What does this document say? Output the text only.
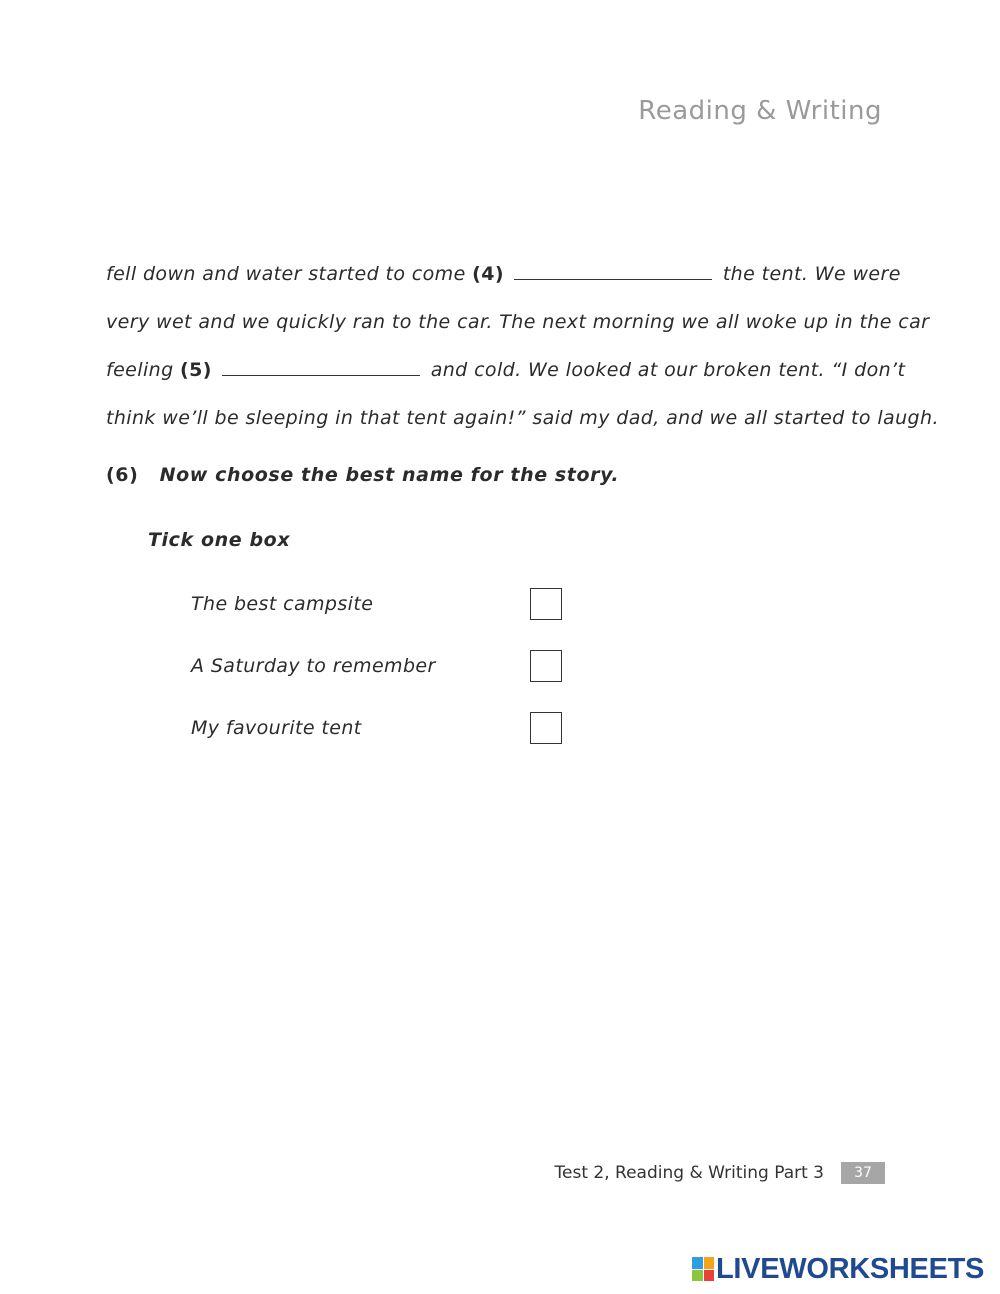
Reading & Writing
fell down and water started to come (4)	the tent. We were
very wet and we quickly ran to the car. The next morning we all woke up in the car
feeling (5)	and cold. We looked at our broken tent. “I don’t
think we’ll be sleeping in that tent again!” said my dad, and we all started to laugh.
(6) Now choose the best name for the story.
Tick one box
The best campsite
A Saturday to remember
My favourite tent
Test 2, Reading & Writing Part 3	37
LIVEWORKSHEETS
